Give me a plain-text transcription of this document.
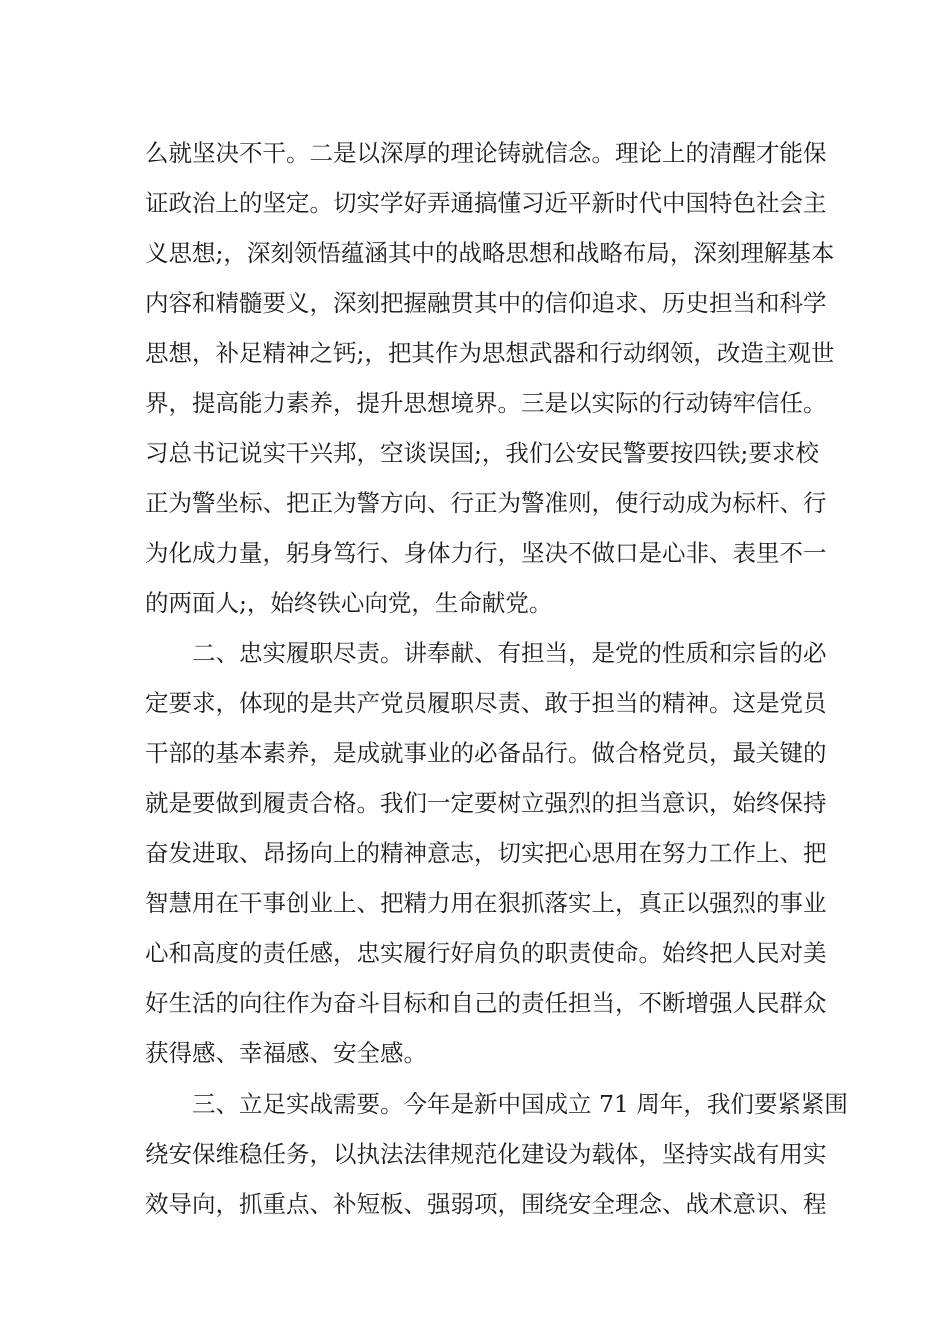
么就坚决不干。二是以深厚的理论铸就信念。理论上的清醒才能保
证政治上的坚定。切实学好弄通搞懂习近平新时代中国特色社会主
义思想;，深刻领悟蕴涵其中的战略思想和战略布局，深刻理解基本
内容和精髓要义，深刻把握融贯其中的信仰追求、历史担当和科学
思想，补足精神之钙;，把其作为思想武器和行动纲领，改造主观世
界，提高能力素养，提升思想境界。三是以实际的行动铸牢信任。
习总书记说实干兴邦，空谈误国;，我们公安民警要按四铁;要求校
正为警坐标、把正为警方向、行正为警准则，使行动成为标杆、行
为化成力量，躬身笃行、身体力行，坚决不做口是心非、表里不一
的两面人;，始终铁心向党，生命献党。
二、忠实履职尽责。讲奉献、有担当，是党的性质和宗旨的必
定要求，体现的是共产党员履职尽责、敢于担当的精神。这是党员
干部的基本素养，是成就事业的必备品行。做合格党员，最关键的
就是要做到履责合格。我们一定要树立强烈的担当意识，始终保持
奋发进取、昂扬向上的精神意志，切实把心思用在努力工作上、把
智慧用在干事创业上、把精力用在狠抓落实上，真正以强烈的事业
心和高度的责任感，忠实履行好肩负的职责使命。始终把人民对美
好生活的向往作为奋斗目标和自己的责任担当，不断增强人民群众
获得感、幸福感、安全感。
三、立足实战需要。今年是新中国成立 71 周年，我们要紧紧围
绕安保维稳任务，以执法法律规范化建设为载体，坚持实战有用实
效导向，抓重点、补短板、强弱项，围绕安全理念、战术意识、程
